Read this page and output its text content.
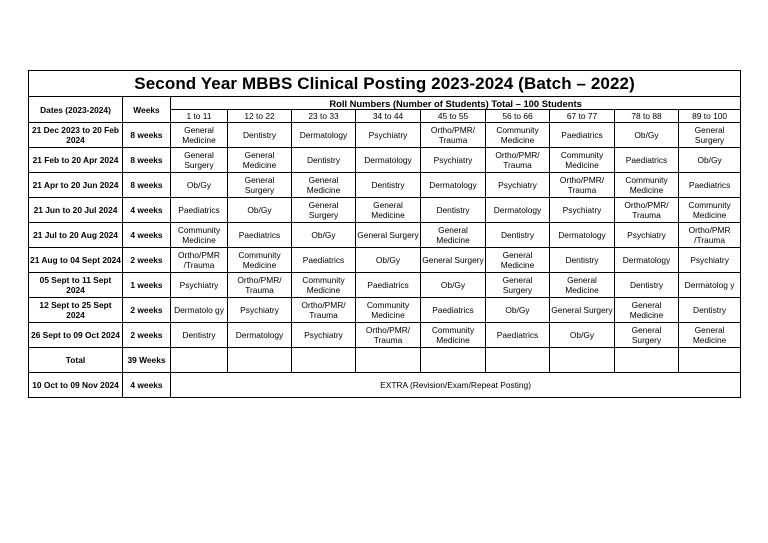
Second Year MBBS Clinical Posting 2023-2024 (Batch – 2022)										
Dates (2023-2024)	Weeks	Roll Numbers (Number of Students) Total – 100 Students								
		1 to 11	12 to 22	23 to 33	34 to 44	45 to 55	56 to 66	67 to 77	78 to 88	89 to 100
21 Dec 2023 to 20 Feb 2024	8 weeks	General Medicine	Dentistry	Dermatology	Psychiatry	Ortho/PMR/ Trauma	Community Medicine	Paediatrics	Ob/Gy	General Surgery
21 Feb to 20 Apr 2024	8 weeks	General Surgery	General Medicine	Dentistry	Dermatology	Psychiatry	Ortho/PMR/ Trauma	Community Medicine	Paediatrics	Ob/Gy
21 Apr to 20 Jun 2024	8 weeks	Ob/Gy	General Surgery	General Medicine	Dentistry	Dermatology	Psychiatry	Ortho/PMR/ Trauma	Community Medicine	Paediatrics
21 Jun to 20 Jul 2024	4 weeks	Paediatrics	Ob/Gy	General Surgery	General Medicine	Dentistry	Dermatology	Psychiatry	Ortho/PMR/ Trauma	Community Medicine
21 Jul to 20 Aug 2024	4 weeks	Community Medicine	Paediatrics	Ob/Gy	General Surgery	General Medicine	Dentistry	Dermatology	Psychiatry	Ortho/PMR /Trauma
21 Aug to 04 Sept 2024	2 weeks	Ortho/PMR /Trauma	Community Medicine	Paediatrics	Ob/Gy	General Surgery	General Medicine	Dentistry	Dermatology	Psychiatry
05 Sept to 11 Sept 2024	1 weeks	Psychiatry	Ortho/PMR/ Trauma	Community Medicine	Paediatrics	Ob/Gy	General Surgery	General Medicine	Dentistry	Dermatolog y
12 Sept to 25 Sept 2024	2 weeks	Dermatolo gy	Psychiatry	Ortho/PMR/ Trauma	Community Medicine	Paediatrics	Ob/Gy	General Surgery	General Medicine	Dentistry
26 Sept to 09 Oct 2024	2 weeks	Dentistry	Dermatology	Psychiatry	Ortho/PMR/ Trauma	Community Medicine	Paediatrics	Ob/Gy	General Surgery	General Medicine
Total	39 Weeks									
10 Oct to 09 Nov 2024	4 weeks	EXTRA (Revision/Exam/Repeat Posting)								
